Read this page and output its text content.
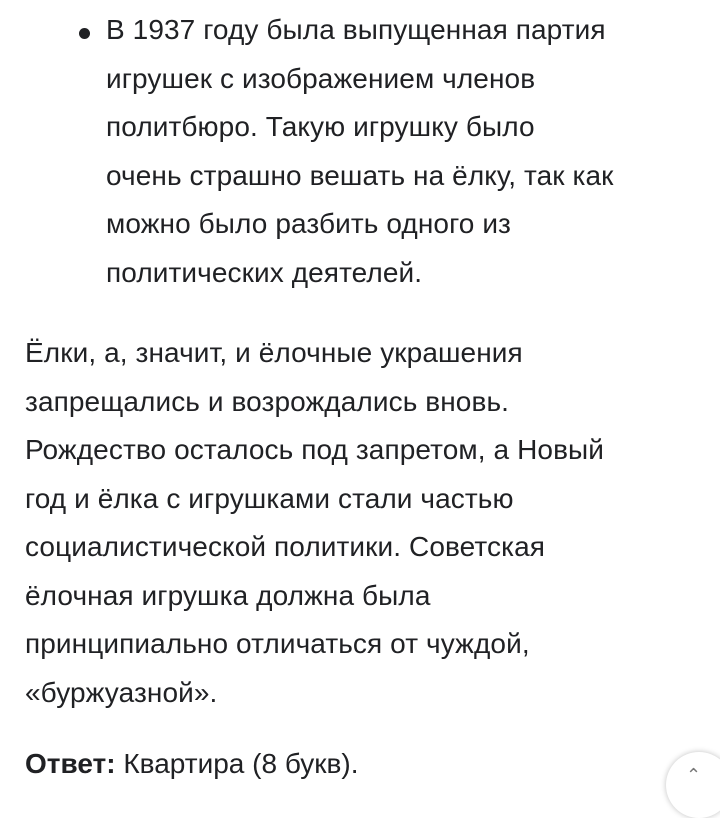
В 1937 году была выпущенная партия
игрушек с изображением членов
политбюро. Такую игрушку было
очень страшно вешать на ёлку, так как
можно было разбить одного из
политических деятелей.
Ёлки, а, значит, и ёлочные украшения
запрещались и возрождались вновь.
Рождество осталось под запретом, а Новый
год и ёлка с игрушками стали частью
социалистической политики. Советская
ёлочная игрушка должна была
принципиально отличаться от чуждой,
«буржуазной».
Ответ: Квартира (8 букв).	⌃
